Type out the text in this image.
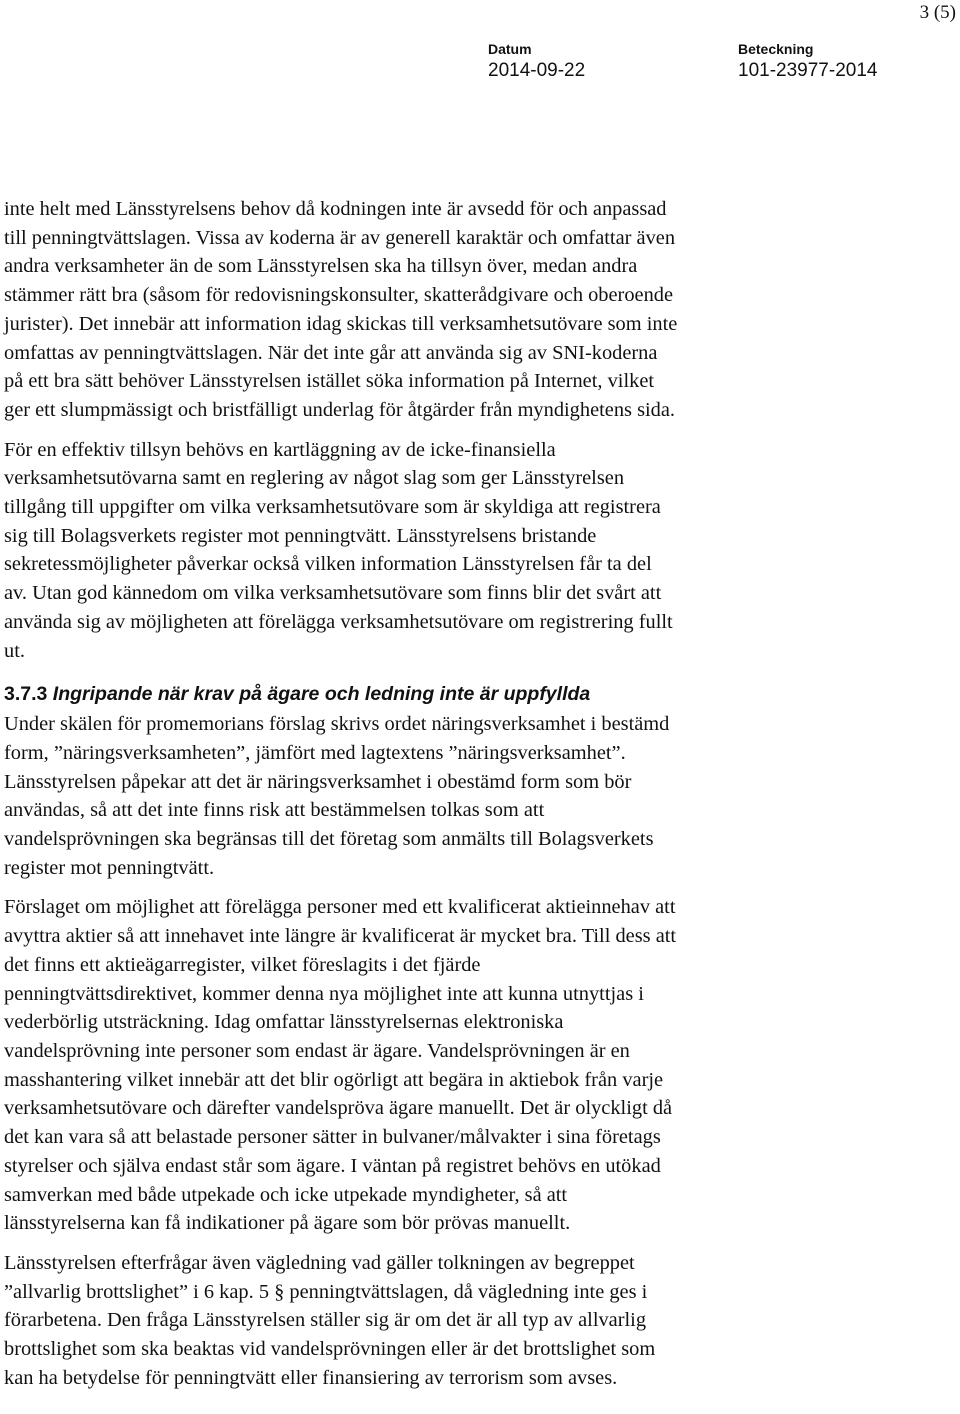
3 (5)
Datum
2014-09-22
Beteckning
101-23977-2014

inte helt med Länsstyrelsens behov då kodningen inte är avsedd för och anpassad
till penningtvättslagen. Vissa av koderna är av generell karaktär och omfattar även
andra verksamheter än de som Länsstyrelsen ska ha tillsyn över, medan andra
stämmer rätt bra (såsom för redovisningskonsulter, skatterådgivare och oberoende
jurister). Det innebär att information idag skickas till verksamhetsutövare som inte
omfattas av penningtvättslagen. När det inte går att använda sig av SNI-koderna
på ett bra sätt behöver Länsstyrelsen istället söka information på Internet, vilket
ger ett slumpmässigt och bristfälligt underlag för åtgärder från myndighetens sida.

För en effektiv tillsyn behövs en kartläggning av de icke-finansiella
verksamhetsutövarna samt en reglering av något slag som ger Länsstyrelsen
tillgång till uppgifter om vilka verksamhetsutövare som är skyldiga att registrera
sig till Bolagsverkets register mot penningtvätt. Länsstyrelsens bristande
sekretessmöjligheter påverkar också vilken information Länsstyrelsen får ta del
av. Utan god kännedom om vilka verksamhetsutövare som finns blir det svårt att
använda sig av möjligheten att förelägga verksamhetsutövare om registrering fullt
ut.

3.7.3 Ingripande när krav på ägare och ledning inte är uppfyllda

Under skälen för promemorians förslag skrivs ordet näringsverksamhet i bestämd
form, ”näringsverksamheten”, jämfört med lagtextens ”näringsverksamhet”.
Länsstyrelsen påpekar att det är näringsverksamhet i obestämd form som bör
användas, så att det inte finns risk att bestämmelsen tolkas som att
vandelsprövningen ska begränsas till det företag som anmälts till Bolagsverkets
register mot penningtvätt.

Förslaget om möjlighet att förelägga personer med ett kvalificerat aktieinnehav att
avyttra aktier så att innehavet inte längre är kvalificerat är mycket bra. Till dess att
det finns ett aktieägarregister, vilket föreslagits i det fjärde
penningtvättsdirektivet, kommer denna nya möjlighet inte att kunna utnyttjas i
vederbörlig utsträckning. Idag omfattar länsstyrelsernas elektroniska
vandelsprövning inte personer som endast är ägare. Vandelsprövningen är en
masshantering vilket innebär att det blir ogörligt att begära in aktiebok från varje
verksamhetsutövare och därefter vandelspröva ägare manuellt. Det är olyckligt då
det kan vara så att belastade personer sätter in bulvaner/målvakter i sina företags
styrelser och själva endast står som ägare. I väntan på registret behövs en utökad
samverkan med både utpekade och icke utpekade myndigheter, så att
länsstyrelserna kan få indikationer på ägare som bör prövas manuellt.

Länsstyrelsen efterfrågar även vägledning vad gäller tolkningen av begreppet
”allvarlig brottslighet” i 6 kap. 5 § penningtvättslagen, då vägledning inte ges i
förarbetena. Den fråga Länsstyrelsen ställer sig är om det är all typ av allvarlig
brottslighet som ska beaktas vid vandelsprövningen eller är det brottslighet som
kan ha betydelse för penningtvätt eller finansiering av terrorism som avses.
